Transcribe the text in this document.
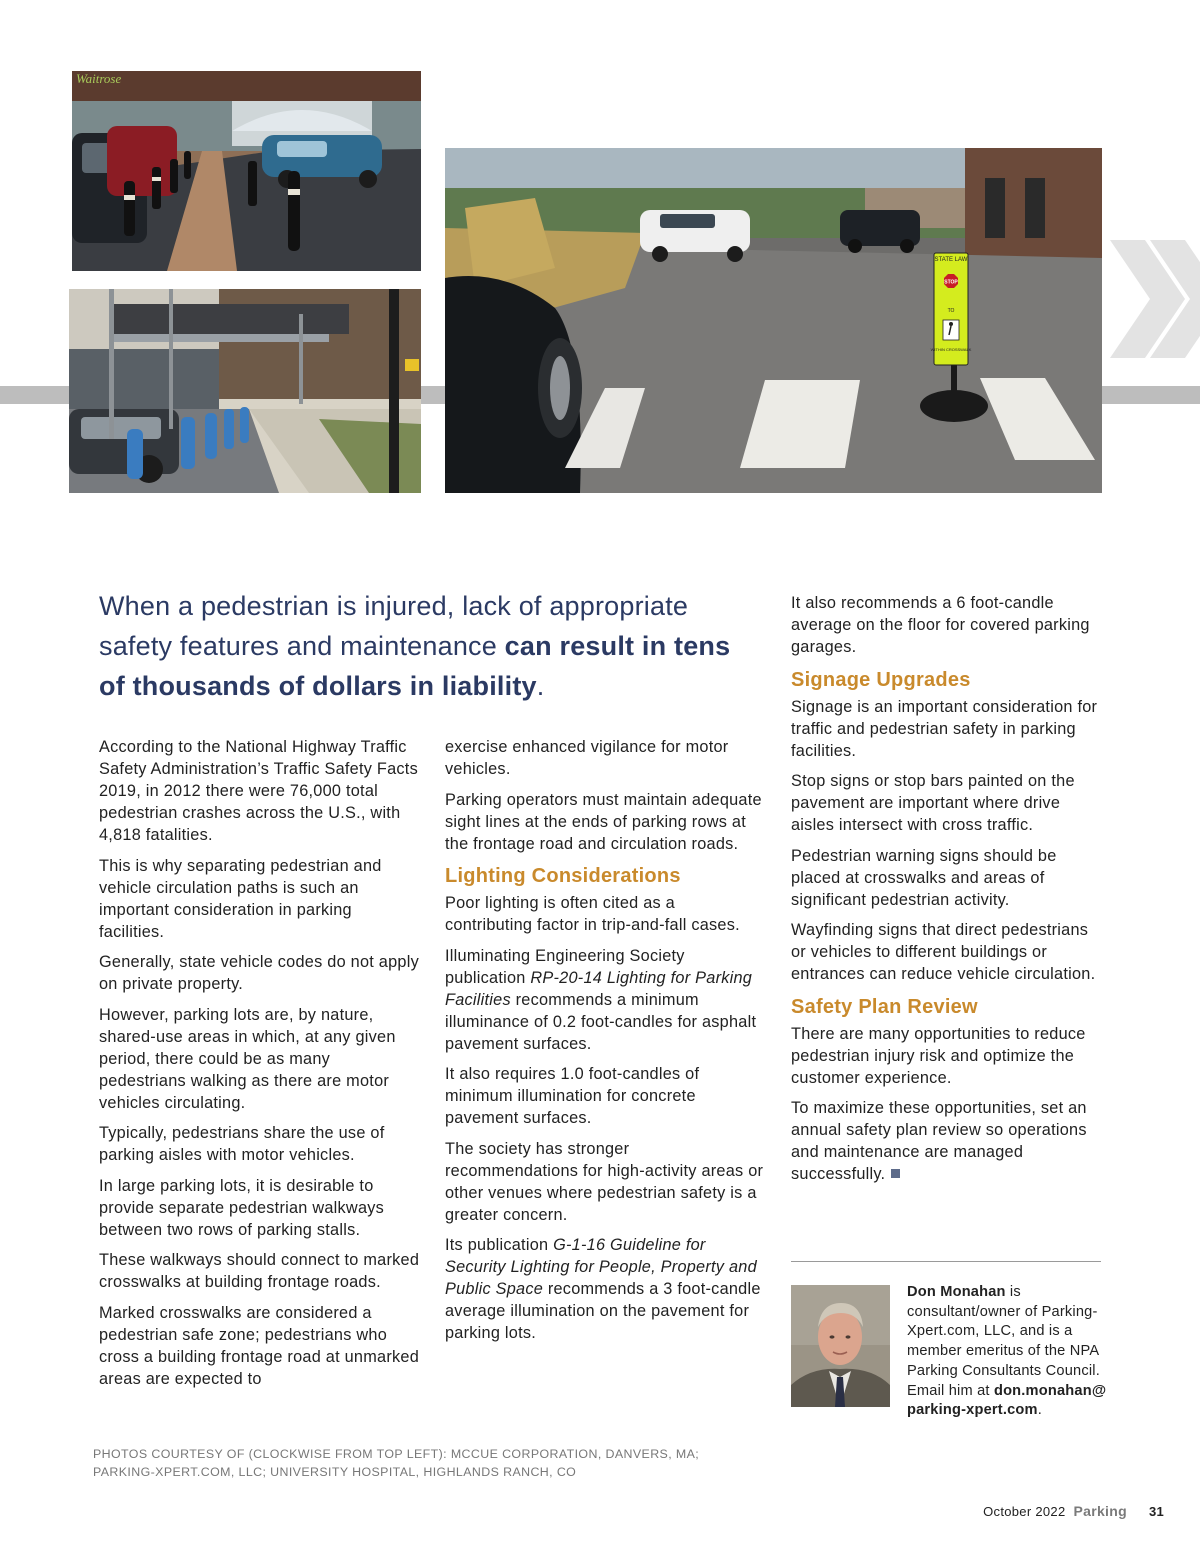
Waitrose
STATE LAW
STOP
TO
WITHIN CROSSWALK
When a pedestrian is injured, lack of appropriate safety features and maintenance can result in tens of thousands of dollars in liability.

According to the National Highway Traffic Safety Administration’s Traffic Safety Facts 2019, in 2012 there were 76,000 total pedestrian crashes across the U.S., with 4,818 fatalities.

This is why separating pedestrian and vehicle circulation paths is such an important consideration in parking facilities.

Generally, state vehicle codes do not apply on private property.

However, parking lots are, by nature, shared-use areas in which, at any given period, there could be as many pedestrians walking as there are motor vehicles circulating.

Typically, pedestrians share the use of parking aisles with motor vehicles.

In large parking lots, it is desirable to provide separate pedestrian walkways between two rows of parking stalls.

These walkways should connect to marked crosswalks at building frontage roads.

Marked crosswalks are considered a pedestrian safe zone; pedestrians who cross a building frontage road at unmarked areas are expected to

exercise enhanced vigilance for motor vehicles.

Parking operators must maintain adequate sight lines at the ends of parking rows at the frontage road and circulation roads.

Lighting Considerations

Poor lighting is often cited as a contributing factor in trip-and-fall cases.

Illuminating Engineering Society publication RP-20-14 Lighting for Parking Facilities recommends a minimum illuminance of 0.2 foot-candles for asphalt pavement surfaces.

It also requires 1.0 foot-candles of minimum illumination for concrete pavement surfaces.

The society has stronger recommendations for high-activity areas or other venues where pedestrian safety is a greater concern.

Its publication G-1-16 Guideline for Security Lighting for People, Property and Public Space recommends a 3 foot-candle average illumination on the pavement for parking lots.

It also recommends a 6 foot-candle average on the floor for covered parking garages.

Signage Upgrades

Signage is an important consideration for traffic and pedestrian safety in parking facilities.

Stop signs or stop bars painted on the pavement are important where drive aisles intersect with cross traffic.

Pedestrian warning signs should be placed at crosswalks and areas of significant pedestrian activity.

Wayfinding signs that direct pedestrians or vehicles to different buildings or entrances can reduce vehicle circulation.

Safety Plan Review

There are many opportunities to reduce pedestrian injury risk and optimize the customer experience.

To maximize these opportunities, set an annual safety plan review so operations and maintenance are managed successfully.

Don Monahan is consultant/owner of Parking-Xpert.com, LLC, and is a member emeritus of the NPA Parking Consultants Council. Email him at don.monahan@ parking-xpert.com.
PHOTOS COURTESY OF (CLOCKWISE FROM TOP LEFT): MCCUE CORPORATION, DANVERS, MA;
PARKING-XPERT.COM, LLC; UNIVERSITY HOSPITAL, HIGHLANDS RANCH, CO
October 2022 Parking 31
